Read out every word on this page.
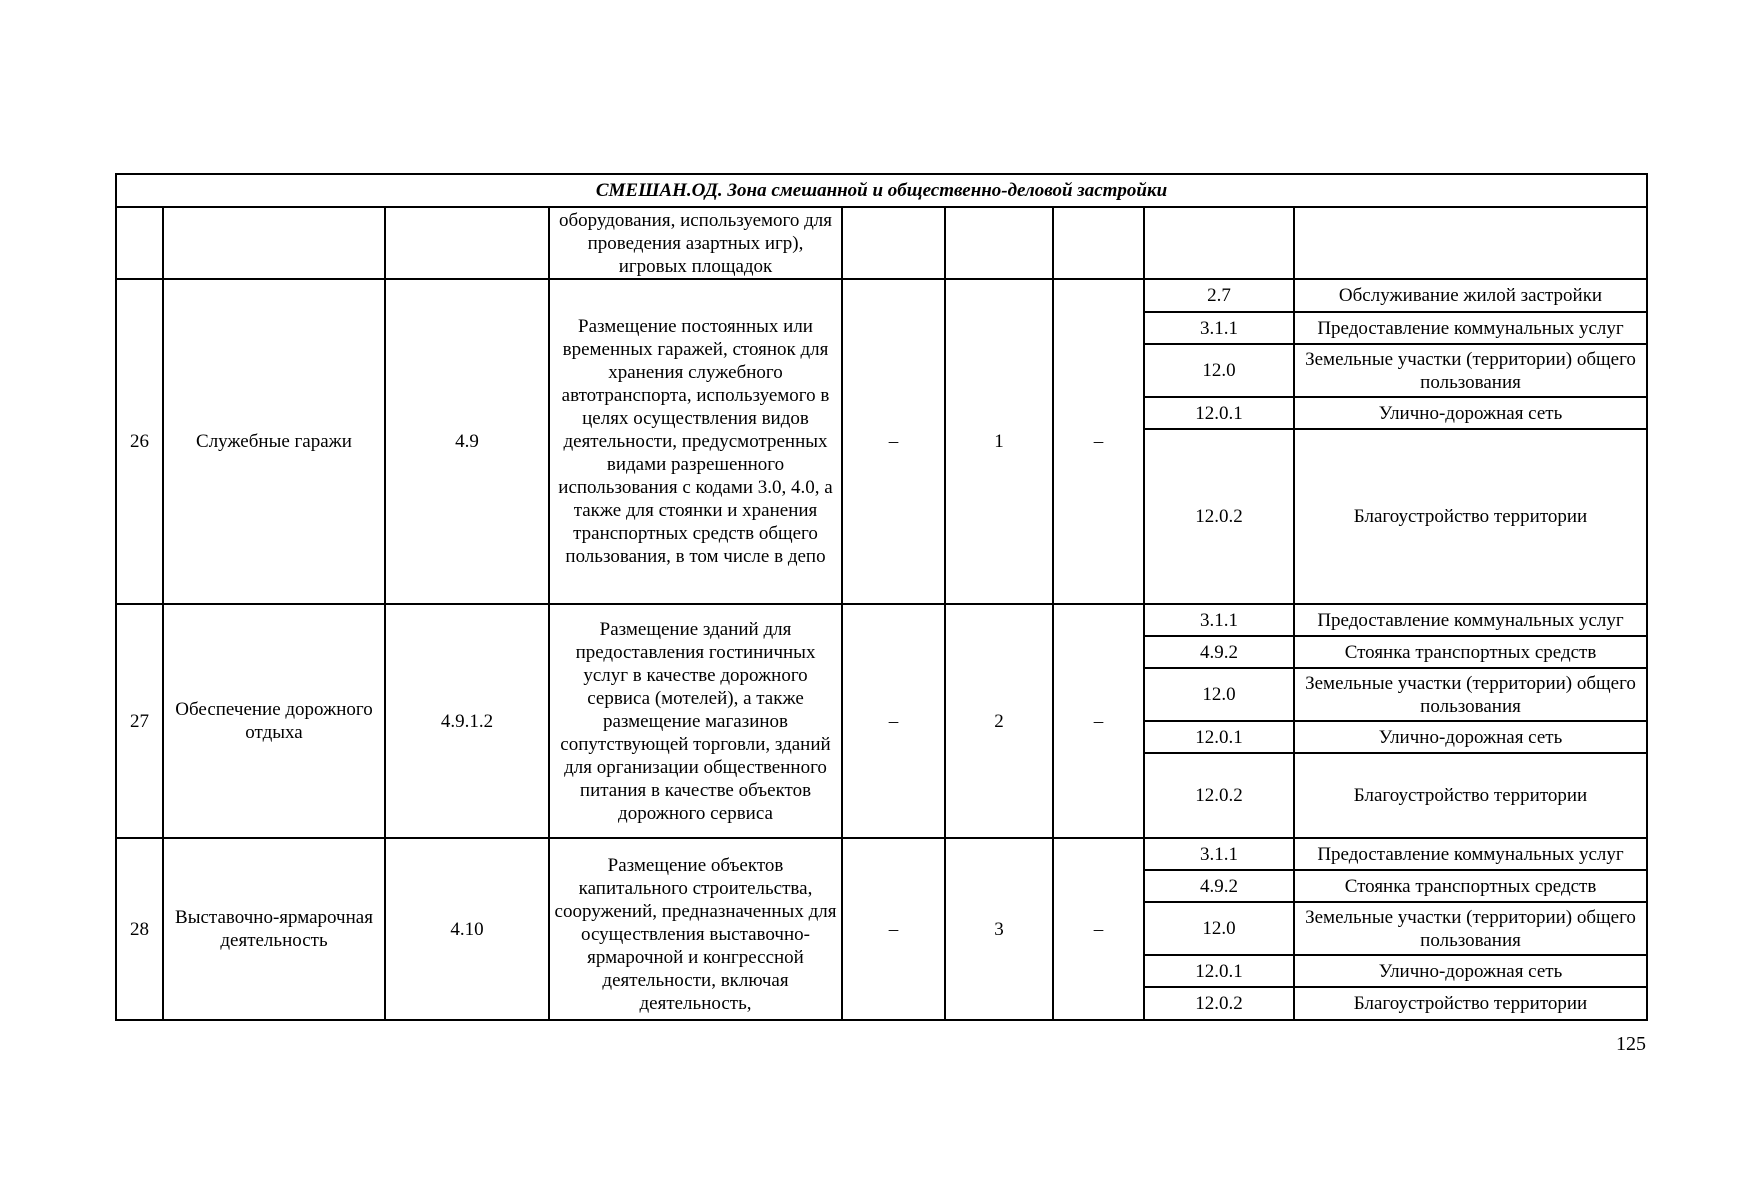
СМЕШАН.ОД. Зона смешанной и общественно-деловой застройки								
			оборудования, используемого для проведения азартных игр), игровых площадок					
26	Служебные гаражи	4.9	Размещение постоянных или временных гаражей, стоянок для хранения служебного автотранспорта, используемого в целях осуществления видов деятельности, предусмотренных видами разрешенного использования с кодами 3.0, 4.0, а также для стоянки и хранения транспортных средств общего пользования, в том числе в депо	–	1	–	2.7	Обслуживание жилой застройки
							3.1.1	Предоставление коммунальных услуг
							12.0	Земельные участки (территории) общего пользования
							12.0.1	Улично-дорожная сеть
							12.0.2	Благоустройство территории
27	Обеспечение дорожного отдыха	4.9.1.2	Размещение зданий для предоставления гостиничных услуг в качестве дорожного сервиса (мотелей), а также размещение магазинов сопутствующей торговли, зданий для организации общественного питания в качестве объектов дорожного сервиса	–	2	–	3.1.1	Предоставление коммунальных услуг
							4.9.2	Стоянка транспортных средств
							12.0	Земельные участки (территории) общего пользования
							12.0.1	Улично-дорожная сеть
							12.0.2	Благоустройство территории
28	Выставочно-ярмарочная деятельность	4.10	Размещение объектов капитального строительства, сооружений, предназначенных для осуществления выставочно-ярмарочной и конгрессной деятельности, включая деятельность,	–	3	–	3.1.1	Предоставление коммунальных услуг
							4.9.2	Стоянка транспортных средств
							12.0	Земельные участки (территории) общего пользования
							12.0.1	Улично-дорожная сеть
							12.0.2	Благоустройство территории
125
